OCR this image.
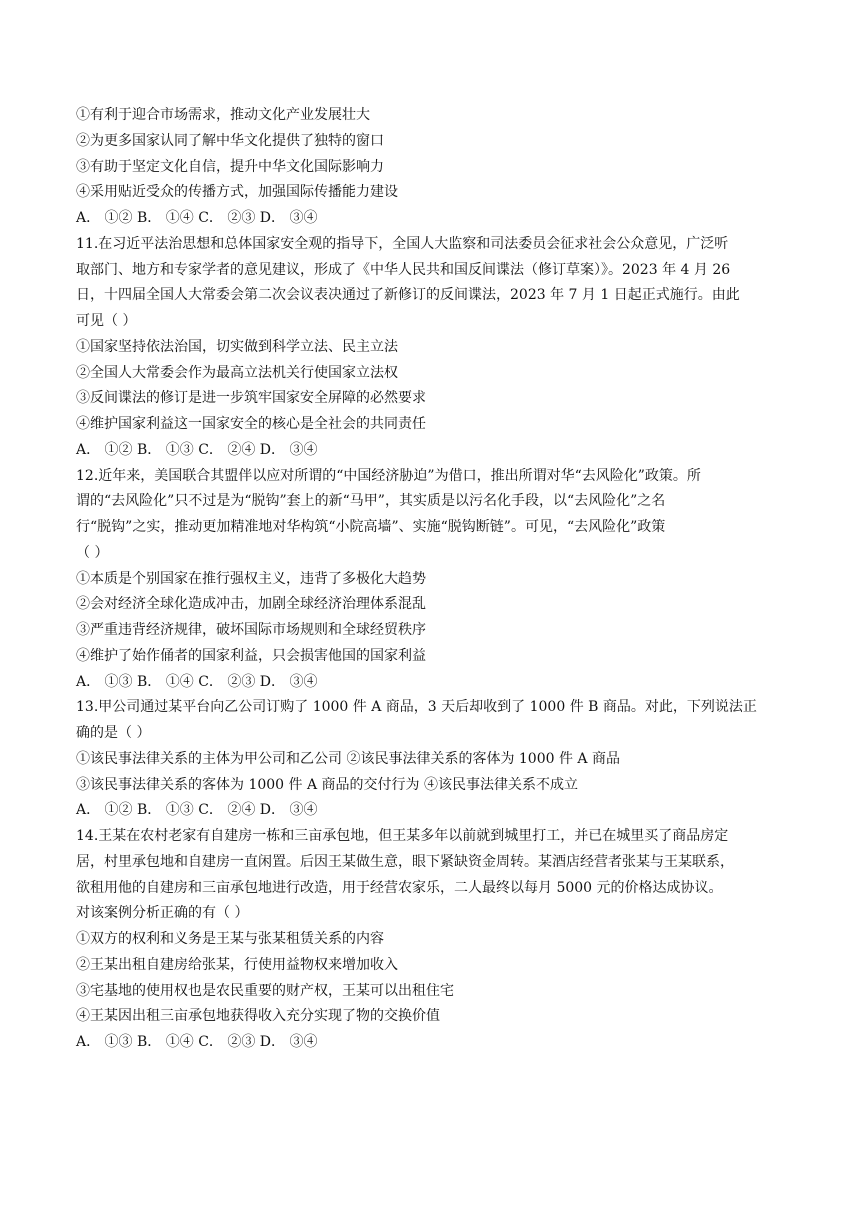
①有利于迎合市场需求，推动文化产业发展壮大
②为更多国家认同了解中华文化提供了独特的窗口
③有助于坚定文化自信，提升中华文化国际影响力
④采用贴近受众的传播方式，加强国际传播能力建设
A． ①② B． ①④ C． ②③ D． ③④
11.在习近平法治思想和总体国家安全观的指导下，全国人大监察和司法委员会征求社会公众意见，广泛听
取部门、地方和专家学者的意见建议，形成了《中华人民共和国反间谍法（修订草案）》。2023 年 4 月 26
日，十四届全国人大常委会第二次会议表决通过了新修订的反间谍法，2023 年 7 月 1 日起正式施行。由此
可见（ ）
①国家坚持依法治国，切实做到科学立法、民主立法
②全国人大常委会作为最高立法机关行使国家立法权
③反间谍法的修订是进一步筑牢国家安全屏障的必然要求
④维护国家利益这一国家安全的核心是全社会的共同责任
A． ①② B． ①③ C． ②④ D． ③④
12.近年来，美国联合其盟伴以应对所谓的“中国经济胁迫”为借口，推出所谓对华“去风险化”政策。所
谓的“去风险化”只不过是为“脱钩”套上的新“马甲”，其实质是以污名化手段，以“去风险化”之名
行“脱钩”之实，推动更加精准地对华构筑“小院高墙”、实施“脱钩断链”。可见，“去风险化”政策
（ ）
①本质是个别国家在推行强权主义，违背了多极化大趋势
②会对经济全球化造成冲击，加剧全球经济治理体系混乱
③严重违背经济规律，破坏国际市场规则和全球经贸秩序
④维护了始作俑者的国家利益，只会损害他国的国家利益
A． ①③ B． ①④ C． ②③ D． ③④
13.甲公司通过某平台向乙公司订购了 1000 件 A 商品，3 天后却收到了 1000 件 B 商品。对此，下列说法正
确的是（ ）
①该民事法律关系的主体为甲公司和乙公司 ②该民事法律关系的客体为 1000 件 A 商品
③该民事法律关系的客体为 1000 件 A 商品的交付行为 ④该民事法律关系不成立
A． ①② B． ①③ C． ②④ D． ③④
14.王某在农村老家有自建房一栋和三亩承包地，但王某多年以前就到城里打工，并已在城里买了商品房定
居，村里承包地和自建房一直闲置。后因王某做生意，眼下紧缺资金周转。某酒店经营者张某与王某联系，
欲租用他的自建房和三亩承包地进行改造，用于经营农家乐，二人最终以每月 5000 元的价格达成协议。
对该案例分析正确的有（ ）
①双方的权利和义务是王某与张某租赁关系的内容
②王某出租自建房给张某，行使用益物权来增加收入
③宅基地的使用权也是农民重要的财产权，王某可以出租住宅
④王某因出租三亩承包地获得收入充分实现了物的交换价值
A． ①③ B． ①④ C． ②③ D． ③④
